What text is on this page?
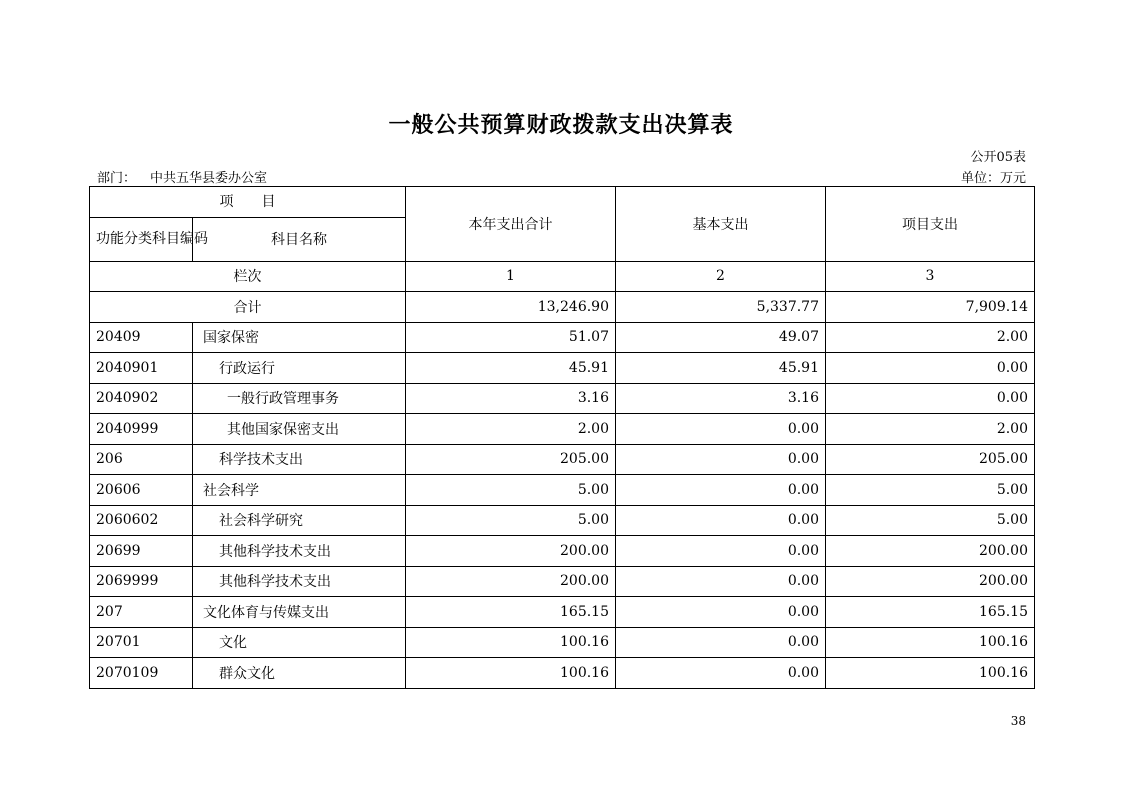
一般公共预算财政拨款支出决算表
公开05表
部门： 中共五华县委办公室	单位：万元
项　　目		本年支出合计	基本支出	项目支出
功能分类科目编码	科目名称			
栏次		1	2	3
合计		13,246.90	5,337.77	7,909.14
20409	国家保密	51.07	49.07	2.00
2040901	行政运行	45.91	45.91	0.00
2040902	一般行政管理事务	3.16	3.16	0.00
2040999	其他国家保密支出	2.00	0.00	2.00
206	科学技术支出	205.00	0.00	205.00
20606	社会科学	5.00	0.00	5.00
2060602	社会科学研究	5.00	0.00	5.00
20699	其他科学技术支出	200.00	0.00	200.00
2069999	其他科学技术支出	200.00	0.00	200.00
207	文化体育与传媒支出	165.15	0.00	165.15
20701	文化	100.16	0.00	100.16
2070109	群众文化	100.16	0.00	100.16
38
